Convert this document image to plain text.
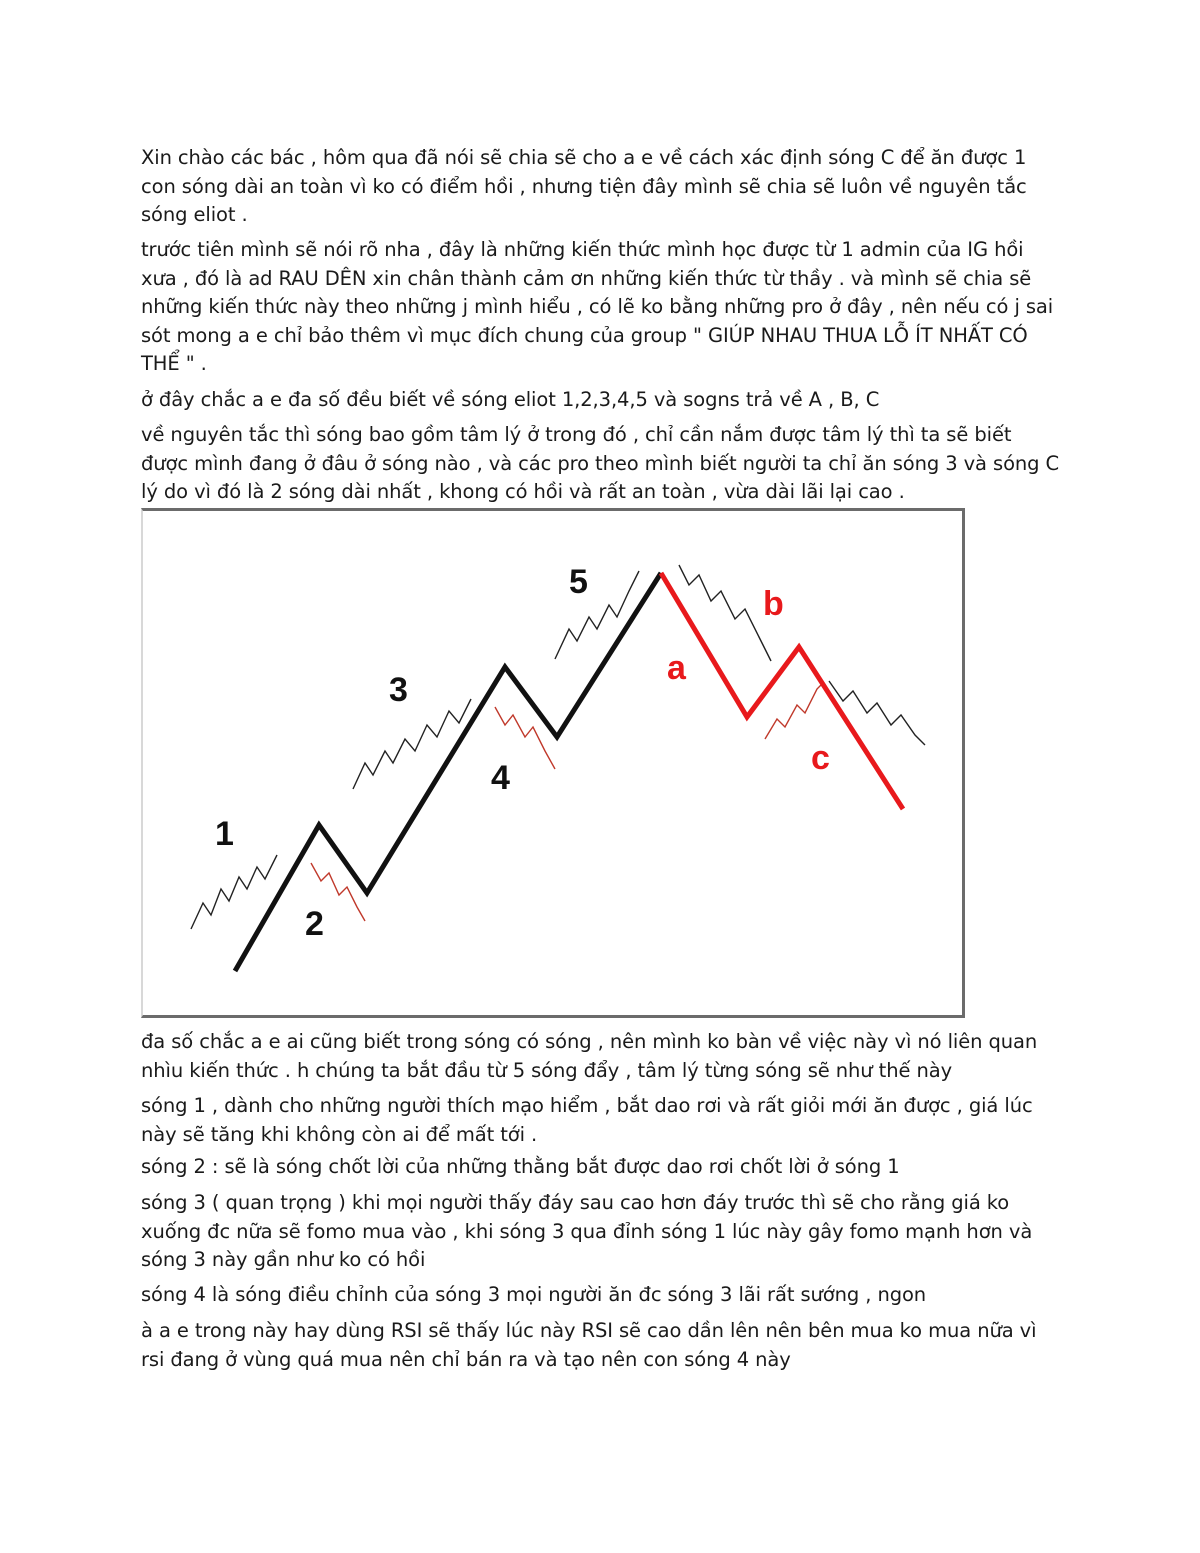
Xin chào các bác , hôm qua đã nói sẽ chia sẽ cho a e về cách xác định sóng C để ăn được 1 con sóng dài an toàn vì ko có điểm hồi , nhưng tiện đây mình sẽ chia sẽ luôn về nguyên tắc sóng eliot .

trước tiên mình sẽ nói rõ nha , đây là những kiến thức mình học được từ 1 admin của IG hồi xưa , đó là ad RAU DÊN xin chân thành cảm ơn những kiến thức từ thầy . và mình sẽ chia sẽ những kiến thức này theo những j mình hiểu , có lẽ ko bằng những pro ở đây , nên nếu có j sai sót mong a e chỉ bảo thêm vì mục đích chung của group " GIÚP NHAU THUA LỖ ÍT NHẤT CÓ THỂ " .

ở đây chắc a e đa số đều biết về sóng eliot 1,2,3,4,5 và sogns trả về A , B, C

về nguyên tắc thì sóng bao gồm tâm lý ở trong đó , chỉ cần nắm được tâm lý thì ta sẽ biết được mình đang ở đâu ở sóng nào , và các pro theo mình biết người ta chỉ ăn sóng 3 và sóng C lý do vì đó là 2 sóng dài nhất , khong có hồi và rất an toàn , vừa dài lãi lại cao .

1
2
3
4
5
a
b
c

đa số chắc a e ai cũng biết trong sóng có sóng , nên mình ko bàn về việc này vì nó liên quan nhìu kiến thức . h chúng ta bắt đầu từ 5 sóng đẩy , tâm lý từng sóng sẽ như thế này

sóng 1 , dành cho những người thích mạo hiểm , bắt dao rơi và rất giỏi mới ăn được , giá lúc này sẽ tăng khi không còn ai để mất tới .

sóng 2 : sẽ là sóng chốt lời của những thằng bắt được dao rơi chốt lời ở sóng 1

sóng 3 ( quan trọng ) khi mọi người thấy đáy sau cao hơn đáy trước thì sẽ cho rằng giá ko xuống đc nữa sẽ fomo mua vào , khi sóng 3 qua đỉnh sóng 1 lúc này gây fomo mạnh hơn và sóng 3 này gần như ko có hồi

sóng 4 là sóng điều chỉnh của sóng 3 mọi người ăn đc sóng 3 lãi rất sướng , ngon

à a e trong này hay dùng RSI sẽ thấy lúc này RSI sẽ cao dần lên nên bên mua ko mua nữa vì rsi đang ở vùng quá mua nên chỉ bán ra và tạo nên con sóng 4 này
